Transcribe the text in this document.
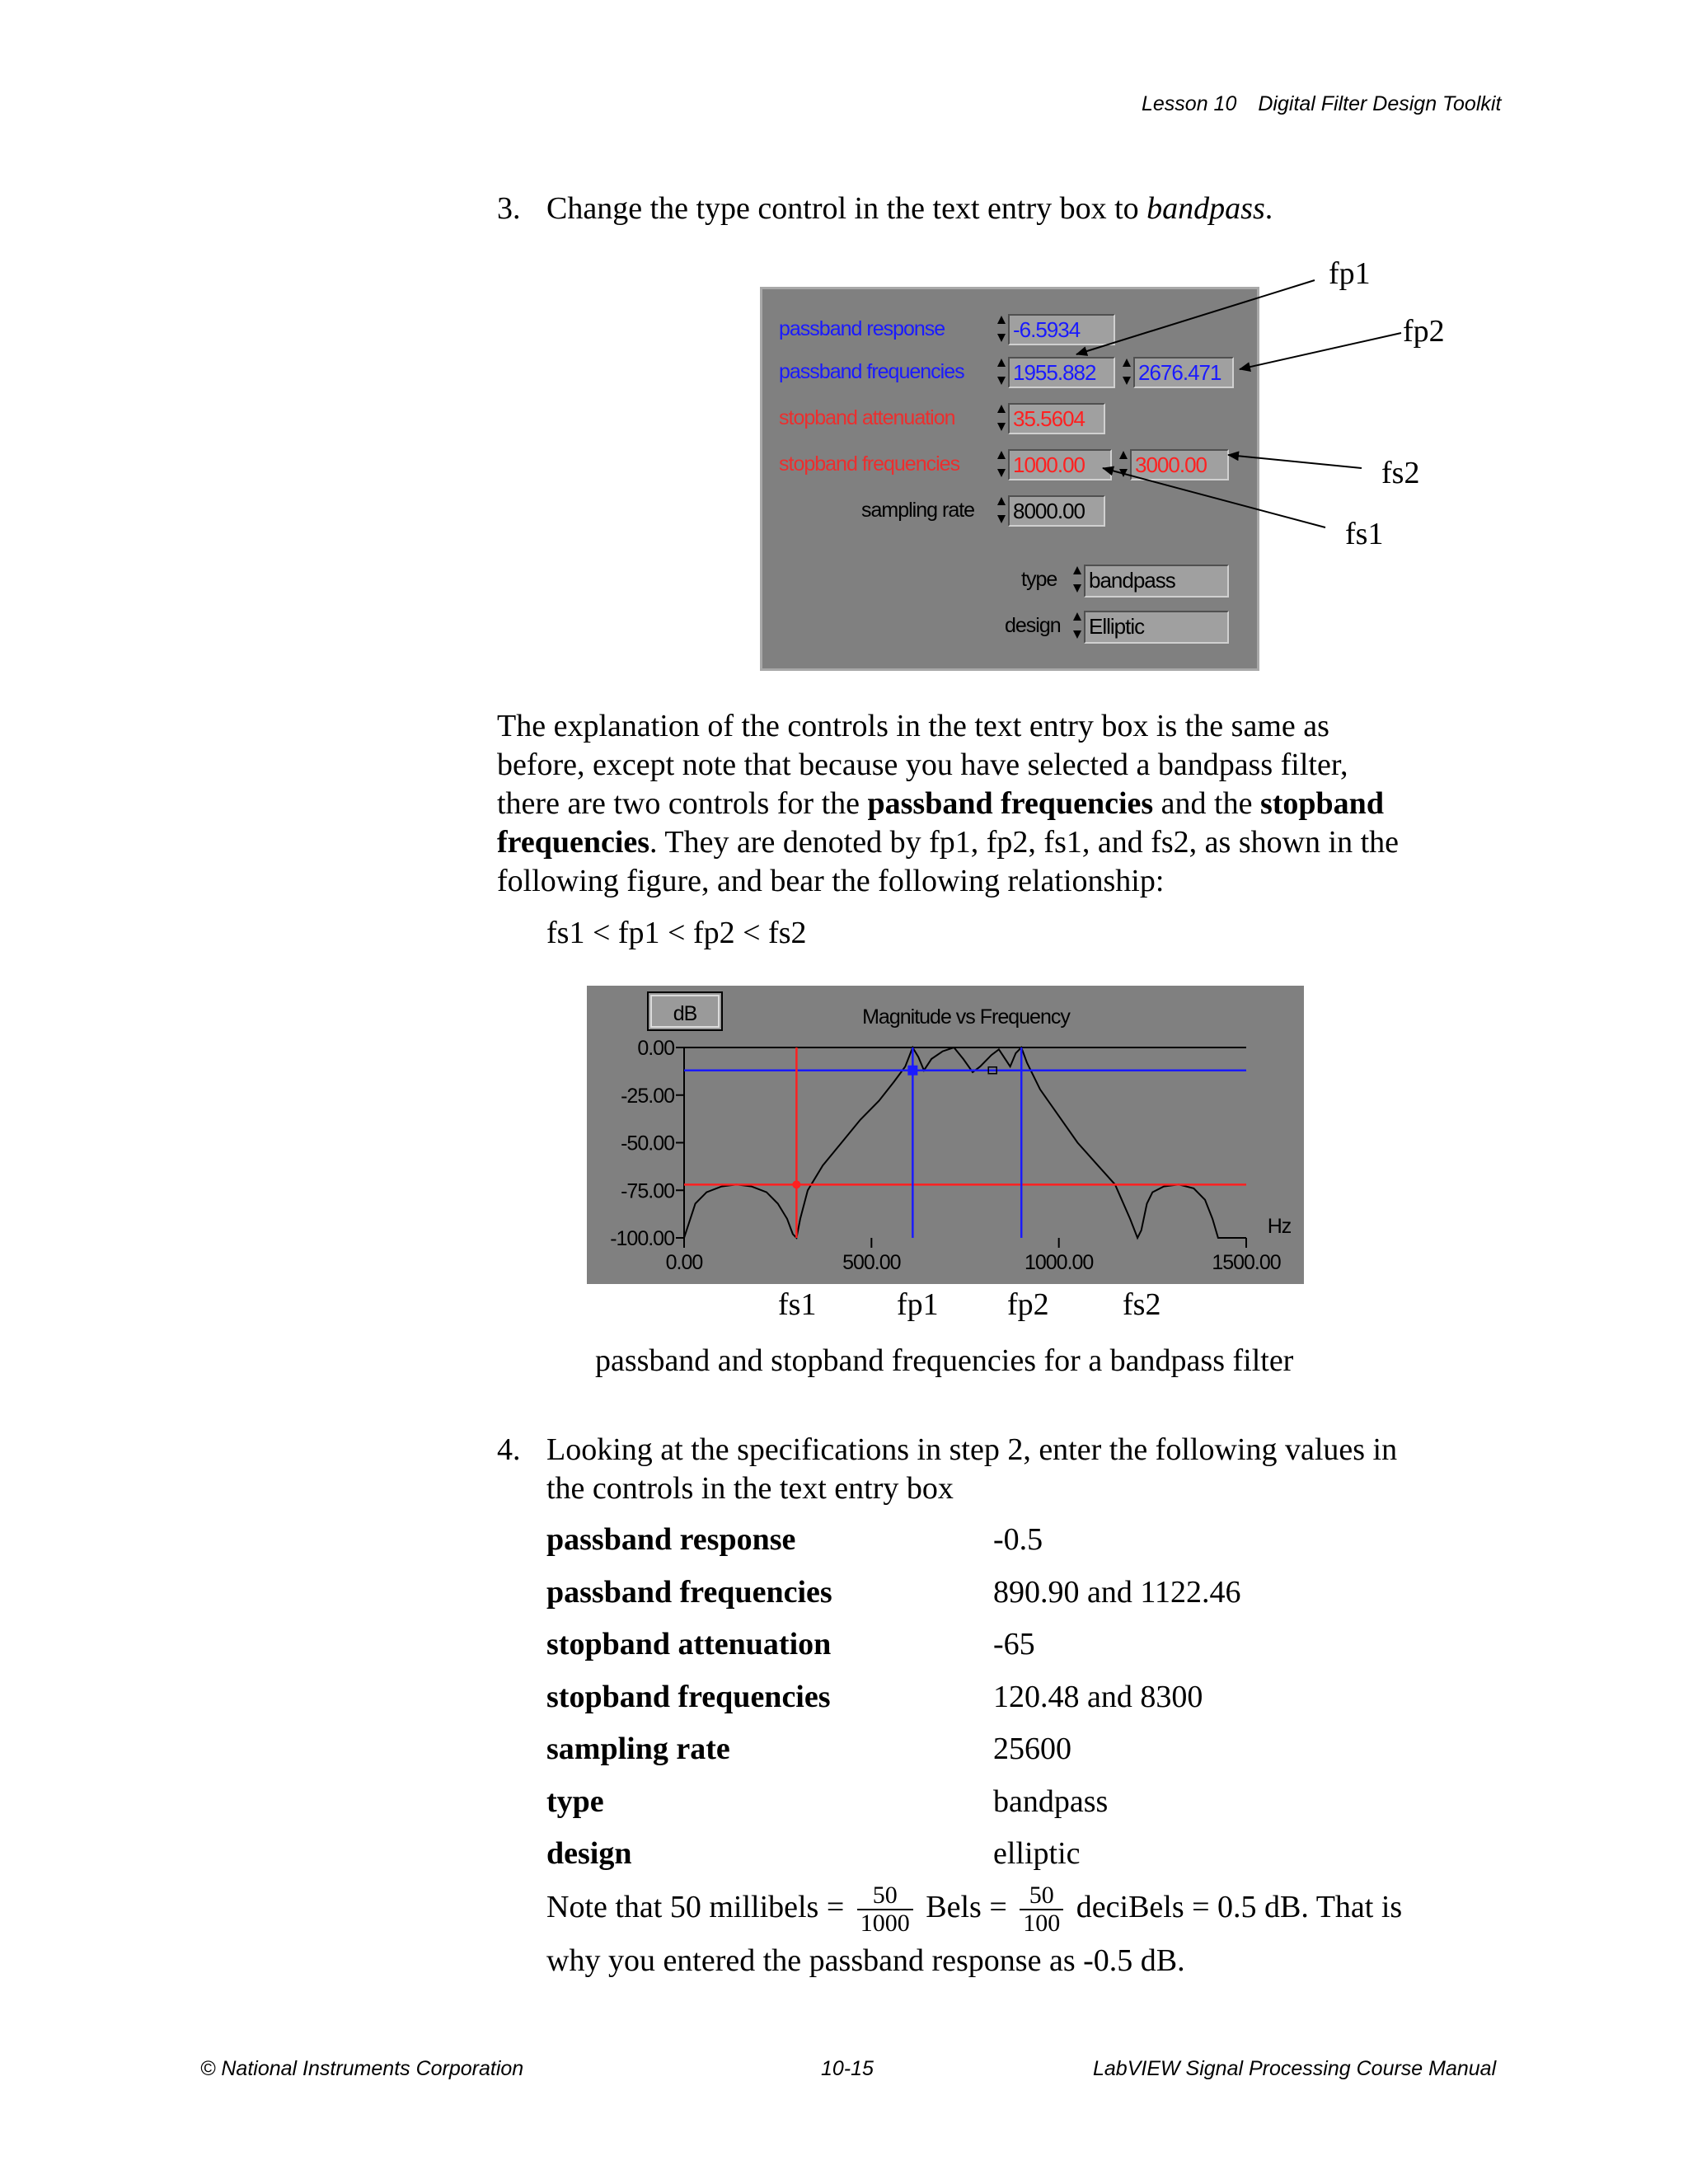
Lesson 10 Digital Filter Design Toolkit
3. Change the type control in the text entry box to bandpass.
passband response	-6.5934
passband frequencies 1955.882	2676.471
stopband attenuation	35.5604
stopband frequencies 1000.00	3000.00
sampling rate 8000.00
type bandpass
design Elliptic
fp1
fp2
fs2
fs1
The explanation of the controls in the text entry box is the same as
before, except note that because you have selected a bandpass filter,
there are two controls for the passband frequencies and the stopband
frequencies. They are denoted by fp1, fp2, fs1, and fs2, as shown in the
following figure, and bear the following relationship:
fs1 < fp1 < fp2 < fs2
dB	Magnitude vs Frequency
0.00
-25.00
-50.00
-75.00
-100.00
0.00	500.00	1000.00	1500.00
Hz
fs1	fp1 fp2 fs2
passband and stopband frequencies for a bandpass filter
4. Looking at the specifications in step 2, enter the following values in
the controls in the text entry box
passband response	-0.5
passband frequencies	890.90 and 1122.46
stopband attenuation	-65
stopband frequencies	120.48 and 8300
sampling rate	25600
type	bandpass
design	elliptic
Note that 50 millibels = $\frac{50}{1000}$ Bels = $\frac{50}{100}$ deciBels = 0.5 dB. That is
why you entered the passband response as -0.5 dB.
© National Instruments Corporation	10-15	LabVIEW Signal Processing Course Manual
